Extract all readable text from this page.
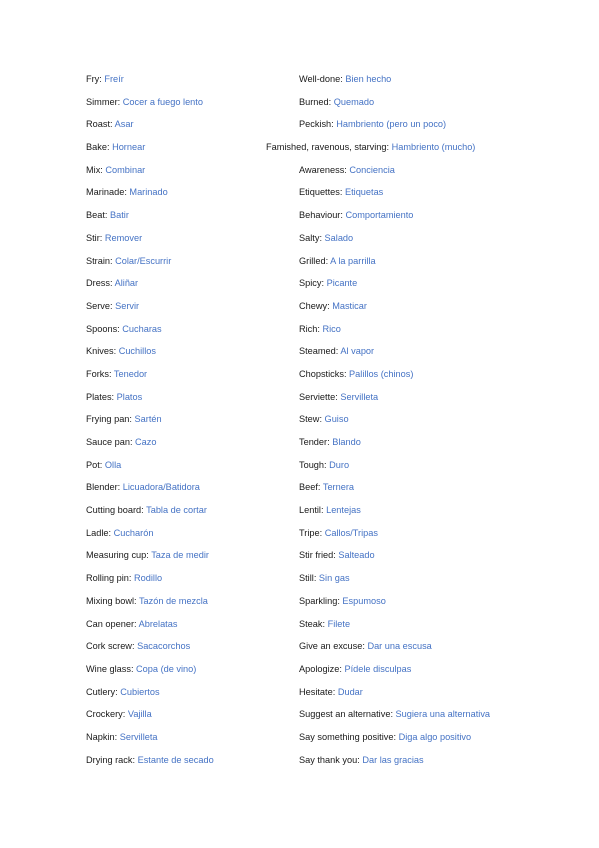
Fry: Freír
Simmer: Cocer a fuego lento
Roast: Asar
Bake: Hornear
Mix: Combinar
Marinade: Marinado
Beat: Batir
Stir: Remover
Strain: Colar/Escurrir
Dress: Aliñar
Serve: Servir
Spoons: Cucharas
Knives: Cuchillos
Forks: Tenedor
Plates: Platos
Frying pan: Sartén
Sauce pan: Cazo
Pot: Olla
Blender: Licuadora/Batidora
Cutting board: Tabla de cortar
Ladle: Cucharón
Measuring cup: Taza de medir
Rolling pin: Rodillo
Mixing bowl: Tazón de mezcla
Can opener: Abrelatas
Cork screw: Sacacorchos
Wine glass: Copa (de vino)
Cutlery: Cubiertos
Crockery: Vajilla
Napkin: Servilleta
Drying rack: Estante de secado
Well-done: Bien hecho
Burned: Quemado
Peckish: Hambriento (pero un poco)
Famished, ravenous, starving: Hambriento (mucho)
Awareness: Conciencia
Etiquettes: Etiquetas
Behaviour: Comportamiento
Salty: Salado
Grilled: A la parrilla
Spicy: Picante
Chewy: Masticar
Rich: Rico
Steamed: Al vapor
Chopsticks: Palillos (chinos)
Serviette: Servilleta
Stew: Guiso
Tender: Blando
Tough: Duro
Beef: Ternera
Lentil: Lentejas
Tripe: Callos/Tripas
Stir fried: Salteado
Still: Sin gas
Sparkling: Espumoso
Steak: Filete
Give an excuse: Dar una escusa
Apologize: Pídele disculpas
Hesitate: Dudar
Suggest an alternative: Sugiera una alternativa
Say something positive: Diga algo positivo
Say thank you: Dar las gracias
